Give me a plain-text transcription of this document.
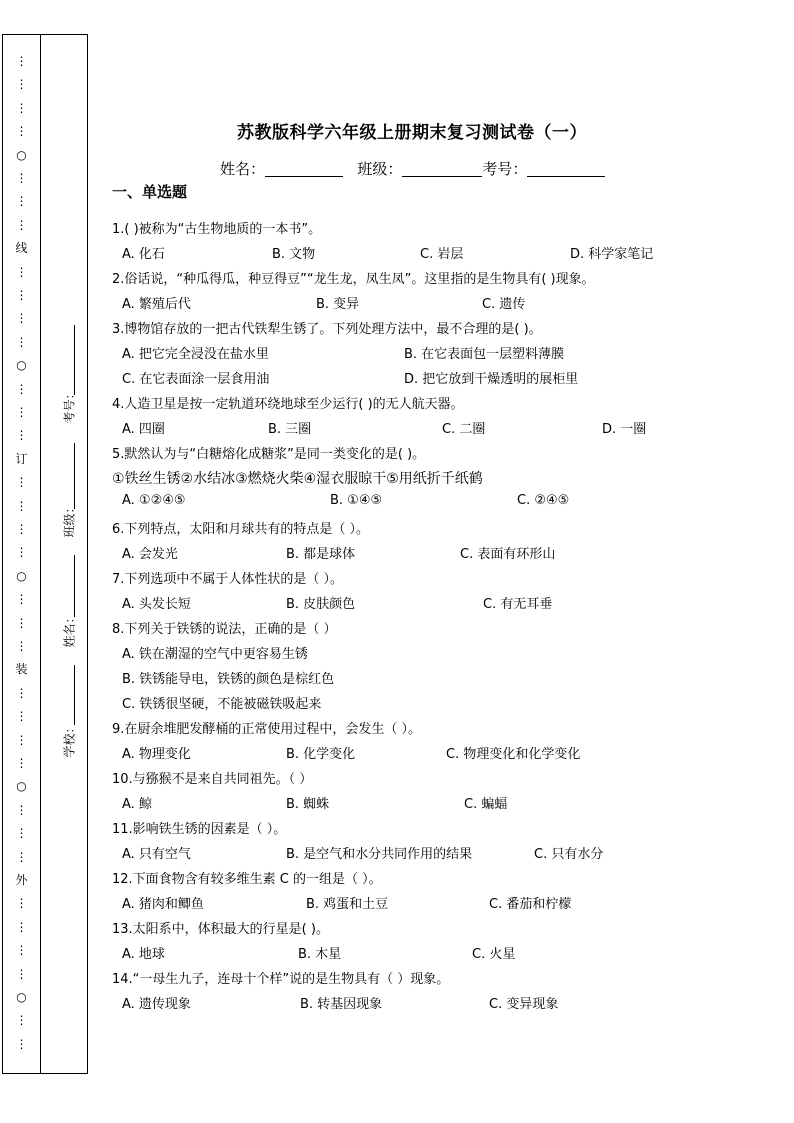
⋮
⋮
⋮
⋮
○
⋮
⋮
⋮
线
⋮
⋮
⋮
⋮
○
⋮
⋮
⋮
订
⋮
⋮
⋮
⋮
○
⋮
⋮
⋮
装
⋮
⋮
⋮
⋮
○
⋮
⋮
⋮
外
⋮
⋮
⋮
⋮
○
⋮
⋮
考号：
班级：
姓名：
学校：
苏教版科学六年级上册期末复习测试卷（一）
姓名：	班级：	考号：
一、单选题
1.( )被称为“古生物地质的一本书”。
A. 化石	B. 文物	C. 岩层	D. 科学家笔记
2.俗话说，“种瓜得瓜，种豆得豆”“龙生龙，凤生凤”。这里指的是生物具有( )现象。
A. 繁殖后代	B. 变异	C. 遗传
3.博物馆存放的一把古代铁犁生锈了。下列处理方法中，最不合理的是( )。
A. 把它完全浸没在盐水里	B. 在它表面包一层塑料薄膜
C. 在它表面涂一层食用油	D. 把它放到干燥透明的展柜里
4.人造卫星是按一定轨道环绕地球至少运行( )的无人航天器。
A. 四圈	B. 三圈	C. 二圈	D. 一圈
5.默然认为与“白糖熔化成糖浆”是同一类变化的是( )。
①铁丝生锈②水结冰③燃烧火柴④湿衣服晾干⑤用纸折千纸鹤
A. ①②④⑤	B. ①④⑤	C. ②④⑤
6.下列特点，太阳和月球共有的特点是（ ）。
A. 会发光	B. 都是球体	C. 表面有环形山
7.下列选项中不属于人体性状的是（ ）。
A. 头发长短	B. 皮肤颜色	C. 有无耳垂
8.下列关于铁锈的说法，正确的是（ ）
A. 铁在潮湿的空气中更容易生锈
B. 铁锈能导电，铁锈的颜色是棕红色
C. 铁锈很坚硬，不能被磁铁吸起来
9.在厨余堆肥发酵桶的正常使用过程中，会发生（ ）。
A. 物理变化	B. 化学变化	C. 物理变化和化学变化
10.与猕猴不是来自共同祖先。（ ）
A. 鲸	B. 蜘蛛	C. 蝙蝠
11.影响铁生锈的因素是（ ）。
A. 只有空气	B. 是空气和水分共同作用的结果	C. 只有水分
12.下面食物含有较多维生素 C 的一组是（ ）。
A. 猪肉和鲫鱼	B. 鸡蛋和土豆	C. 番茄和柠檬
13.太阳系中，体积最大的行星是( )。
A. 地球	B. 木星	C. 火星
14.“一母生九子，连母十个样”说的是生物具有（ ）现象。
A. 遗传现象	B. 转基因现象	C. 变异现象
